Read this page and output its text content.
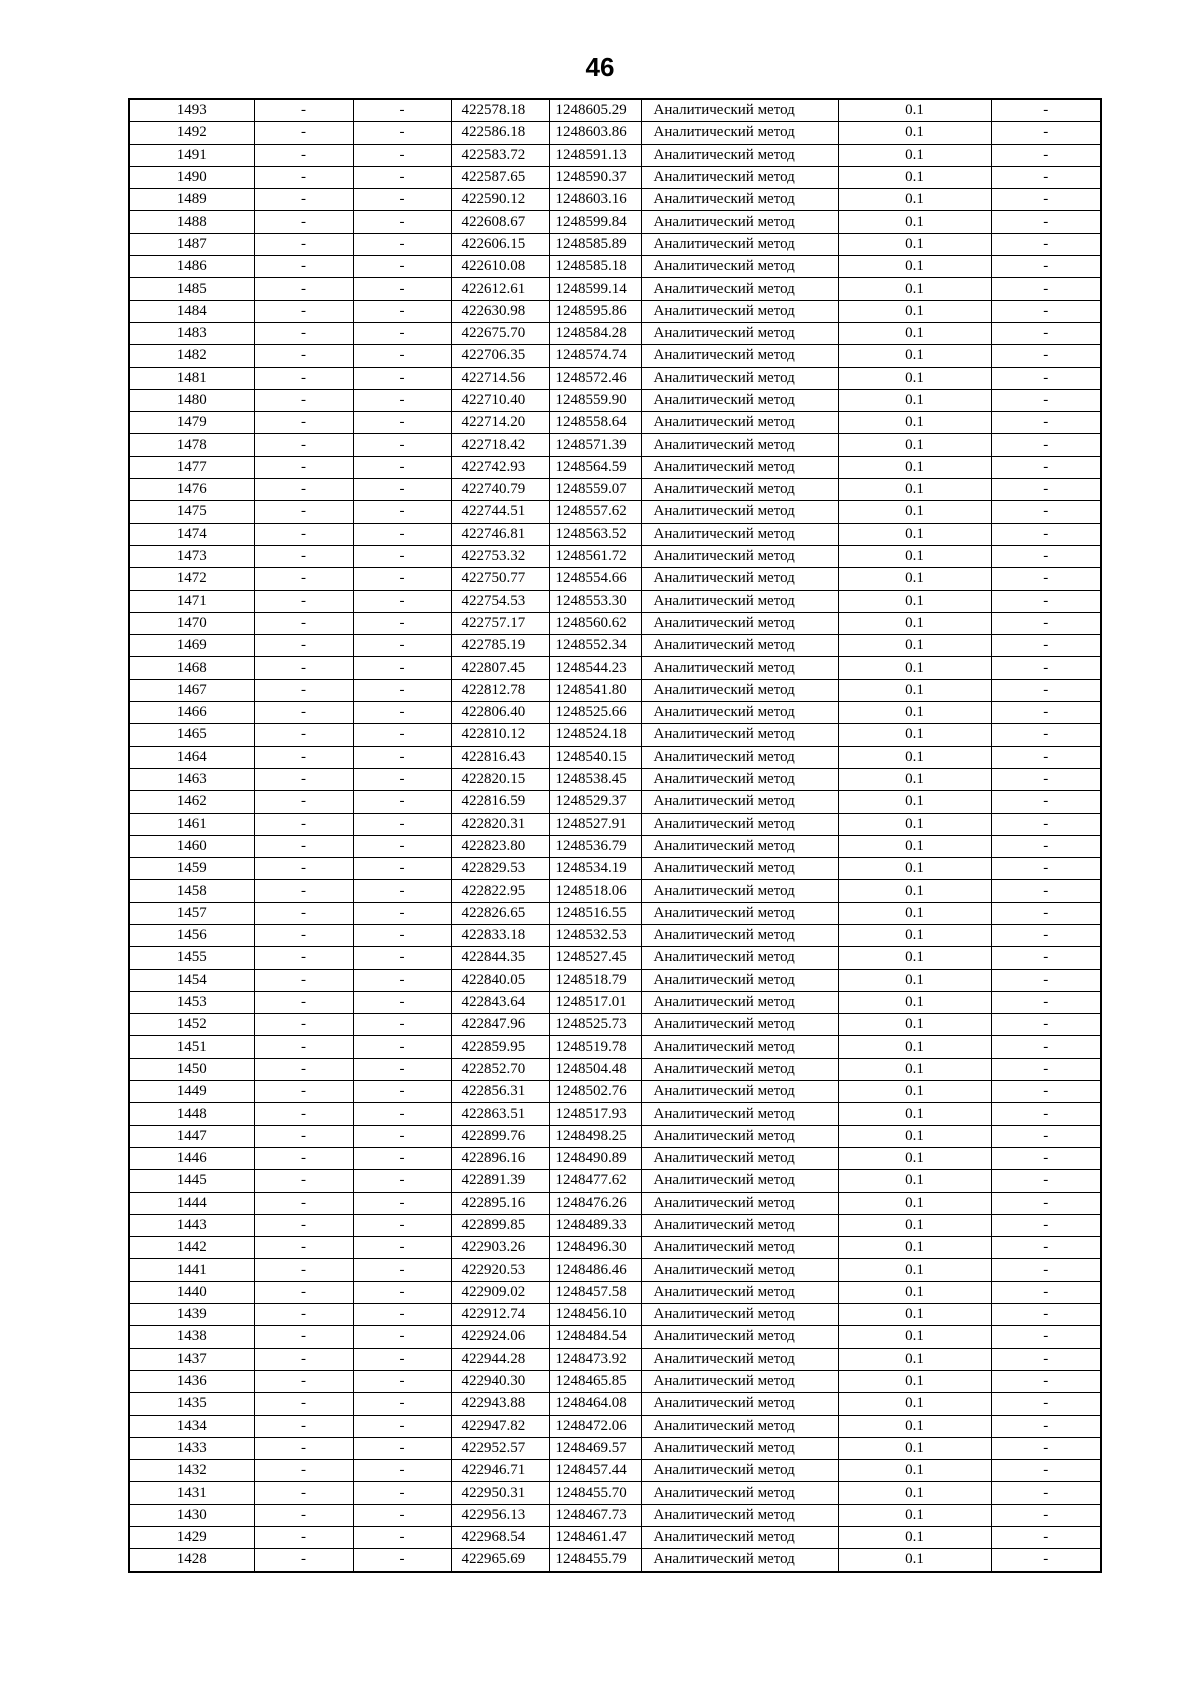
46
1493	-	-	422578.18	1248605.29	Аналитический метод	0.1	-
1492	-	-	422586.18	1248603.86	Аналитический метод	0.1	-
1491	-	-	422583.72	1248591.13	Аналитический метод	0.1	-
1490	-	-	422587.65	1248590.37	Аналитический метод	0.1	-
1489	-	-	422590.12	1248603.16	Аналитический метод	0.1	-
1488	-	-	422608.67	1248599.84	Аналитический метод	0.1	-
1487	-	-	422606.15	1248585.89	Аналитический метод	0.1	-
1486	-	-	422610.08	1248585.18	Аналитический метод	0.1	-
1485	-	-	422612.61	1248599.14	Аналитический метод	0.1	-
1484	-	-	422630.98	1248595.86	Аналитический метод	0.1	-
1483	-	-	422675.70	1248584.28	Аналитический метод	0.1	-
1482	-	-	422706.35	1248574.74	Аналитический метод	0.1	-
1481	-	-	422714.56	1248572.46	Аналитический метод	0.1	-
1480	-	-	422710.40	1248559.90	Аналитический метод	0.1	-
1479	-	-	422714.20	1248558.64	Аналитический метод	0.1	-
1478	-	-	422718.42	1248571.39	Аналитический метод	0.1	-
1477	-	-	422742.93	1248564.59	Аналитический метод	0.1	-
1476	-	-	422740.79	1248559.07	Аналитический метод	0.1	-
1475	-	-	422744.51	1248557.62	Аналитический метод	0.1	-
1474	-	-	422746.81	1248563.52	Аналитический метод	0.1	-
1473	-	-	422753.32	1248561.72	Аналитический метод	0.1	-
1472	-	-	422750.77	1248554.66	Аналитический метод	0.1	-
1471	-	-	422754.53	1248553.30	Аналитический метод	0.1	-
1470	-	-	422757.17	1248560.62	Аналитический метод	0.1	-
1469	-	-	422785.19	1248552.34	Аналитический метод	0.1	-
1468	-	-	422807.45	1248544.23	Аналитический метод	0.1	-
1467	-	-	422812.78	1248541.80	Аналитический метод	0.1	-
1466	-	-	422806.40	1248525.66	Аналитический метод	0.1	-
1465	-	-	422810.12	1248524.18	Аналитический метод	0.1	-
1464	-	-	422816.43	1248540.15	Аналитический метод	0.1	-
1463	-	-	422820.15	1248538.45	Аналитический метод	0.1	-
1462	-	-	422816.59	1248529.37	Аналитический метод	0.1	-
1461	-	-	422820.31	1248527.91	Аналитический метод	0.1	-
1460	-	-	422823.80	1248536.79	Аналитический метод	0.1	-
1459	-	-	422829.53	1248534.19	Аналитический метод	0.1	-
1458	-	-	422822.95	1248518.06	Аналитический метод	0.1	-
1457	-	-	422826.65	1248516.55	Аналитический метод	0.1	-
1456	-	-	422833.18	1248532.53	Аналитический метод	0.1	-
1455	-	-	422844.35	1248527.45	Аналитический метод	0.1	-
1454	-	-	422840.05	1248518.79	Аналитический метод	0.1	-
1453	-	-	422843.64	1248517.01	Аналитический метод	0.1	-
1452	-	-	422847.96	1248525.73	Аналитический метод	0.1	-
1451	-	-	422859.95	1248519.78	Аналитический метод	0.1	-
1450	-	-	422852.70	1248504.48	Аналитический метод	0.1	-
1449	-	-	422856.31	1248502.76	Аналитический метод	0.1	-
1448	-	-	422863.51	1248517.93	Аналитический метод	0.1	-
1447	-	-	422899.76	1248498.25	Аналитический метод	0.1	-
1446	-	-	422896.16	1248490.89	Аналитический метод	0.1	-
1445	-	-	422891.39	1248477.62	Аналитический метод	0.1	-
1444	-	-	422895.16	1248476.26	Аналитический метод	0.1	-
1443	-	-	422899.85	1248489.33	Аналитический метод	0.1	-
1442	-	-	422903.26	1248496.30	Аналитический метод	0.1	-
1441	-	-	422920.53	1248486.46	Аналитический метод	0.1	-
1440	-	-	422909.02	1248457.58	Аналитический метод	0.1	-
1439	-	-	422912.74	1248456.10	Аналитический метод	0.1	-
1438	-	-	422924.06	1248484.54	Аналитический метод	0.1	-
1437	-	-	422944.28	1248473.92	Аналитический метод	0.1	-
1436	-	-	422940.30	1248465.85	Аналитический метод	0.1	-
1435	-	-	422943.88	1248464.08	Аналитический метод	0.1	-
1434	-	-	422947.82	1248472.06	Аналитический метод	0.1	-
1433	-	-	422952.57	1248469.57	Аналитический метод	0.1	-
1432	-	-	422946.71	1248457.44	Аналитический метод	0.1	-
1431	-	-	422950.31	1248455.70	Аналитический метод	0.1	-
1430	-	-	422956.13	1248467.73	Аналитический метод	0.1	-
1429	-	-	422968.54	1248461.47	Аналитический метод	0.1	-
1428	-	-	422965.69	1248455.79	Аналитический метод	0.1	-
